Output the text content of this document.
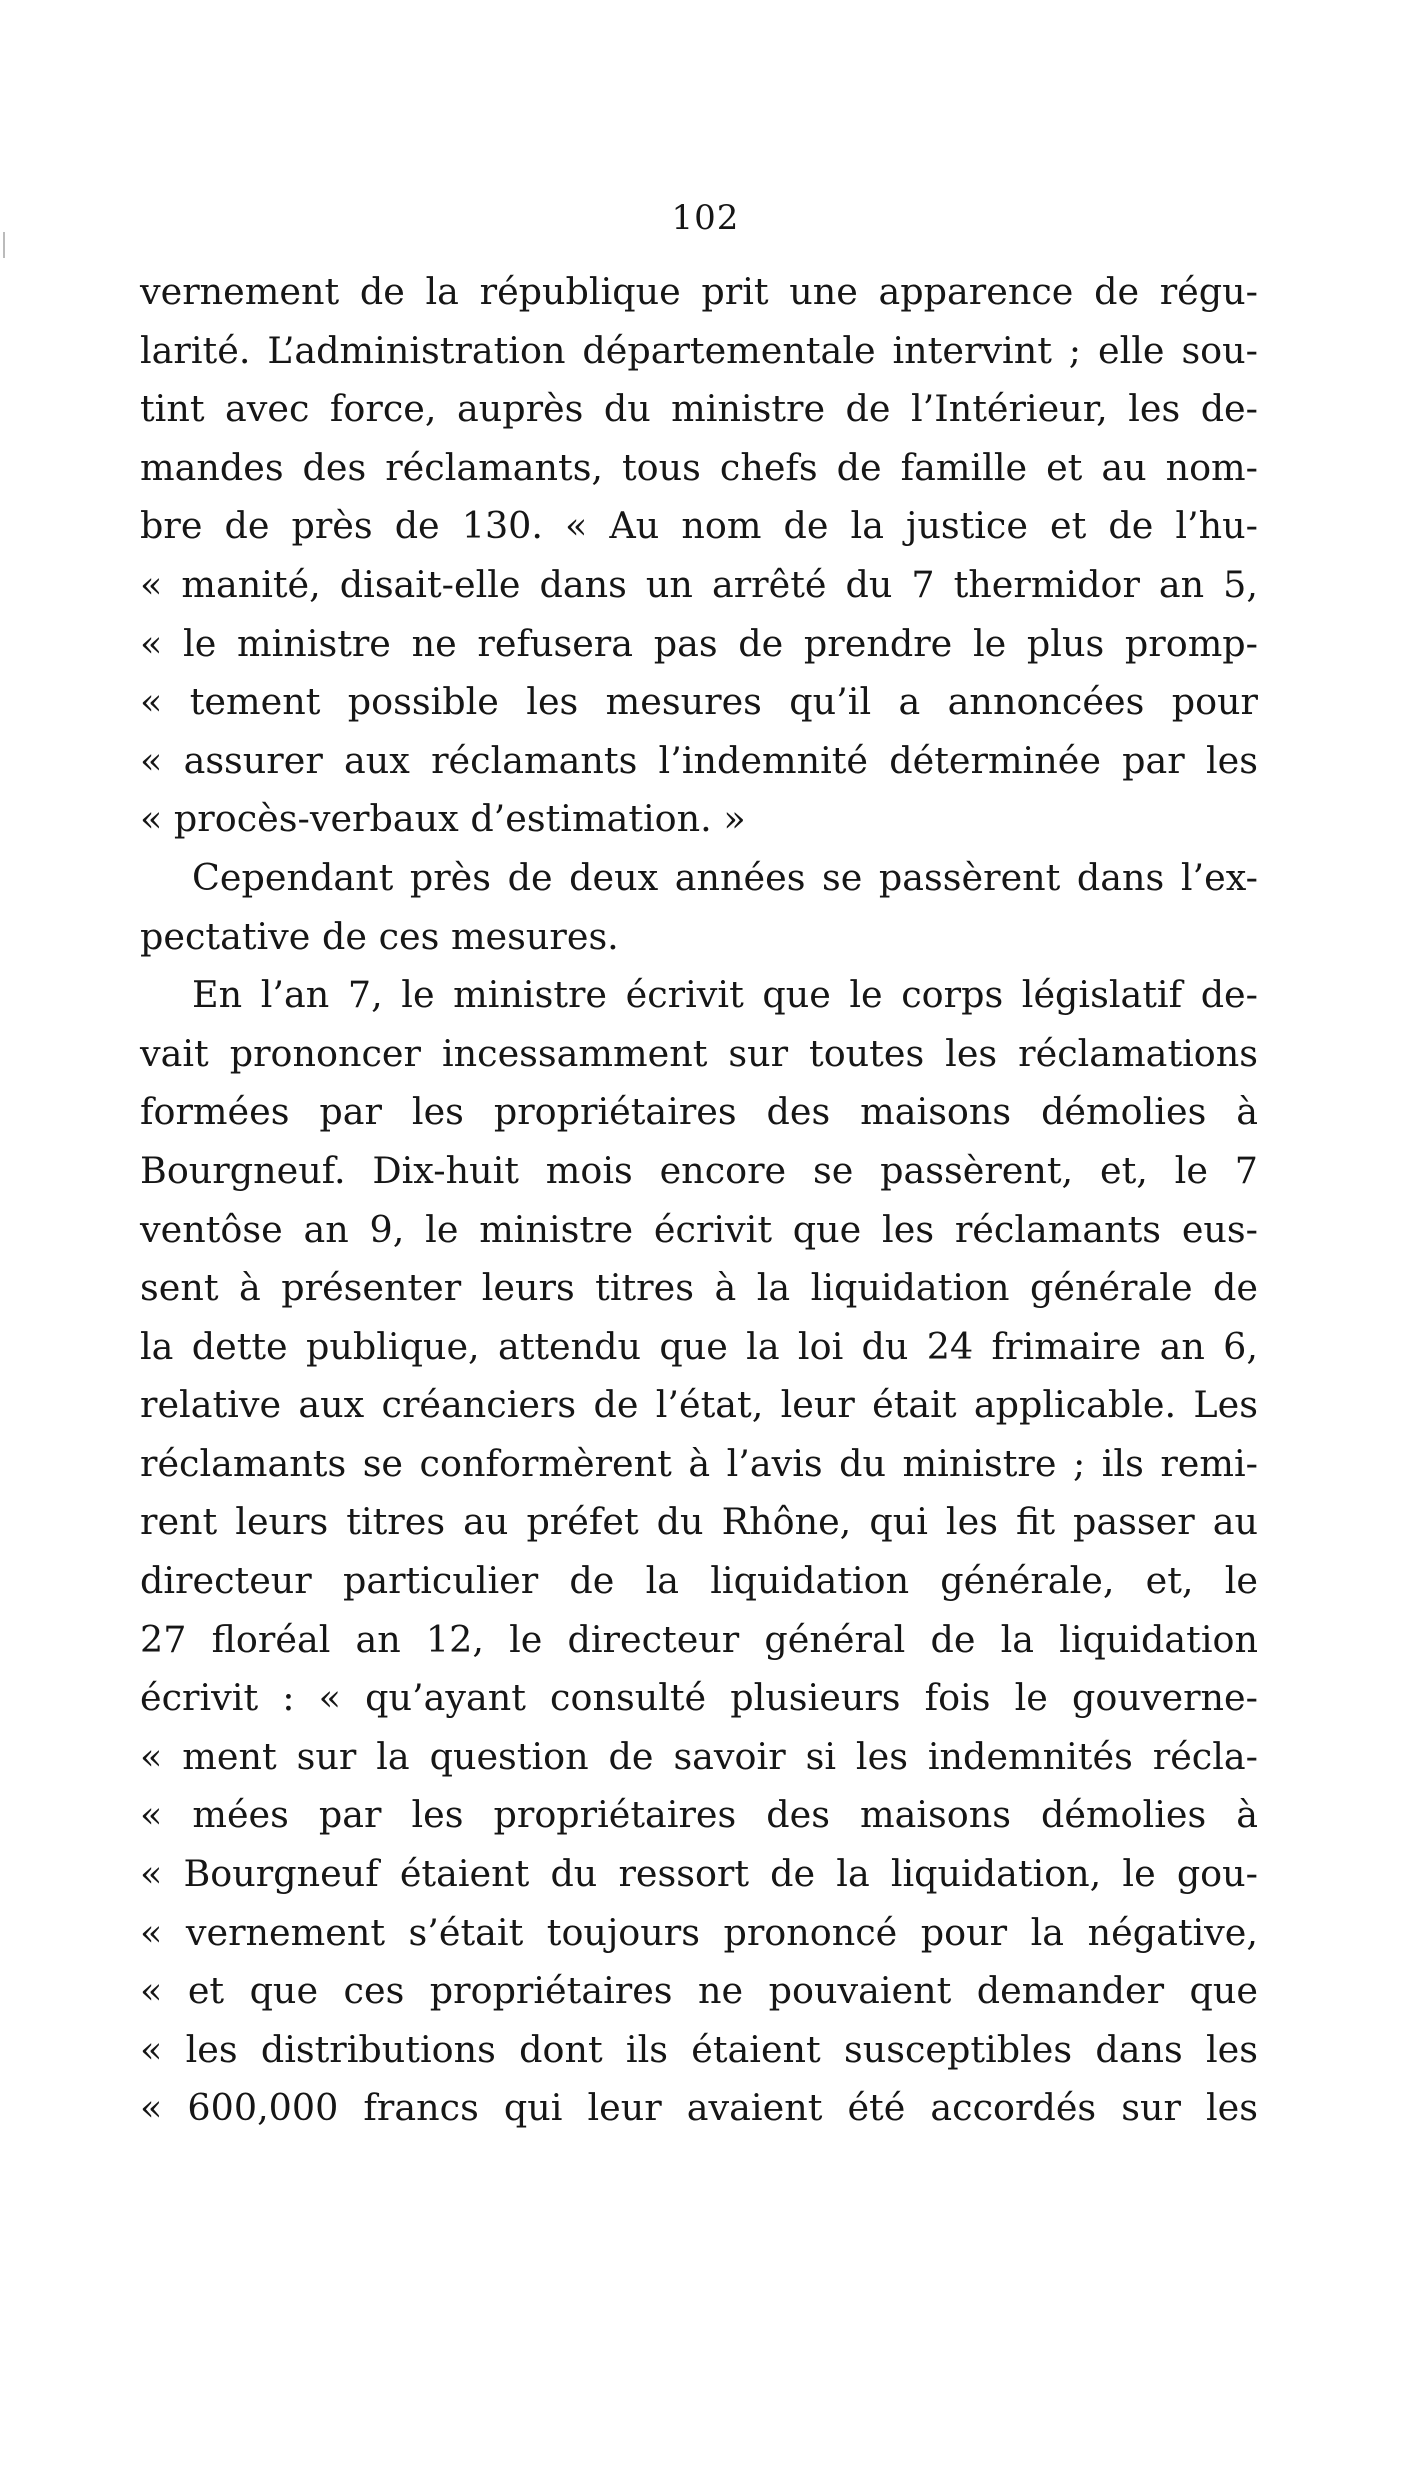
102
vernement de la république prit une apparence de régu-
larité. L’administration départementale intervint ; elle sou-
tint avec force, auprès du ministre de l’Intérieur, les de-
mandes des réclamants, tous chefs de famille et au nom-
bre de près de 130. « Au nom de la justice et de l’hu-
« manité, disait-elle dans un arrêté du 7 thermidor an 5,
« le ministre ne refusera pas de prendre le plus promp-
« tement possible les mesures qu’il a annoncées pour
« assurer aux réclamants l’indemnité déterminée par les
« procès-verbaux d’estimation. »
Cependant près de deux années se passèrent dans l’ex-
pectative de ces mesures.
En l’an 7, le ministre écrivit que le corps législatif de-
vait prononcer incessamment sur toutes les réclamations
formées par les propriétaires des maisons démolies à
Bourgneuf. Dix-huit mois encore se passèrent, et, le 7
ventôse an 9, le ministre écrivit que les réclamants eus-
sent à présenter leurs titres à la liquidation générale de
la dette publique, attendu que la loi du 24 frimaire an 6,
relative aux créanciers de l’état, leur était applicable. Les
réclamants se conformèrent à l’avis du ministre ; ils remi-
rent leurs titres au préfet du Rhône, qui les fit passer au
directeur particulier de la liquidation générale, et, le
27 floréal an 12, le directeur général de la liquidation
écrivit : « qu’ayant consulté plusieurs fois le gouverne-
« ment sur la question de savoir si les indemnités récla-
« mées par les propriétaires des maisons démolies à
« Bourgneuf étaient du ressort de la liquidation, le gou-
« vernement s’était toujours prononcé pour la négative,
« et que ces propriétaires ne pouvaient demander que
« les distributions dont ils étaient susceptibles dans les
« 600,000 francs qui leur avaient été accordés sur les
